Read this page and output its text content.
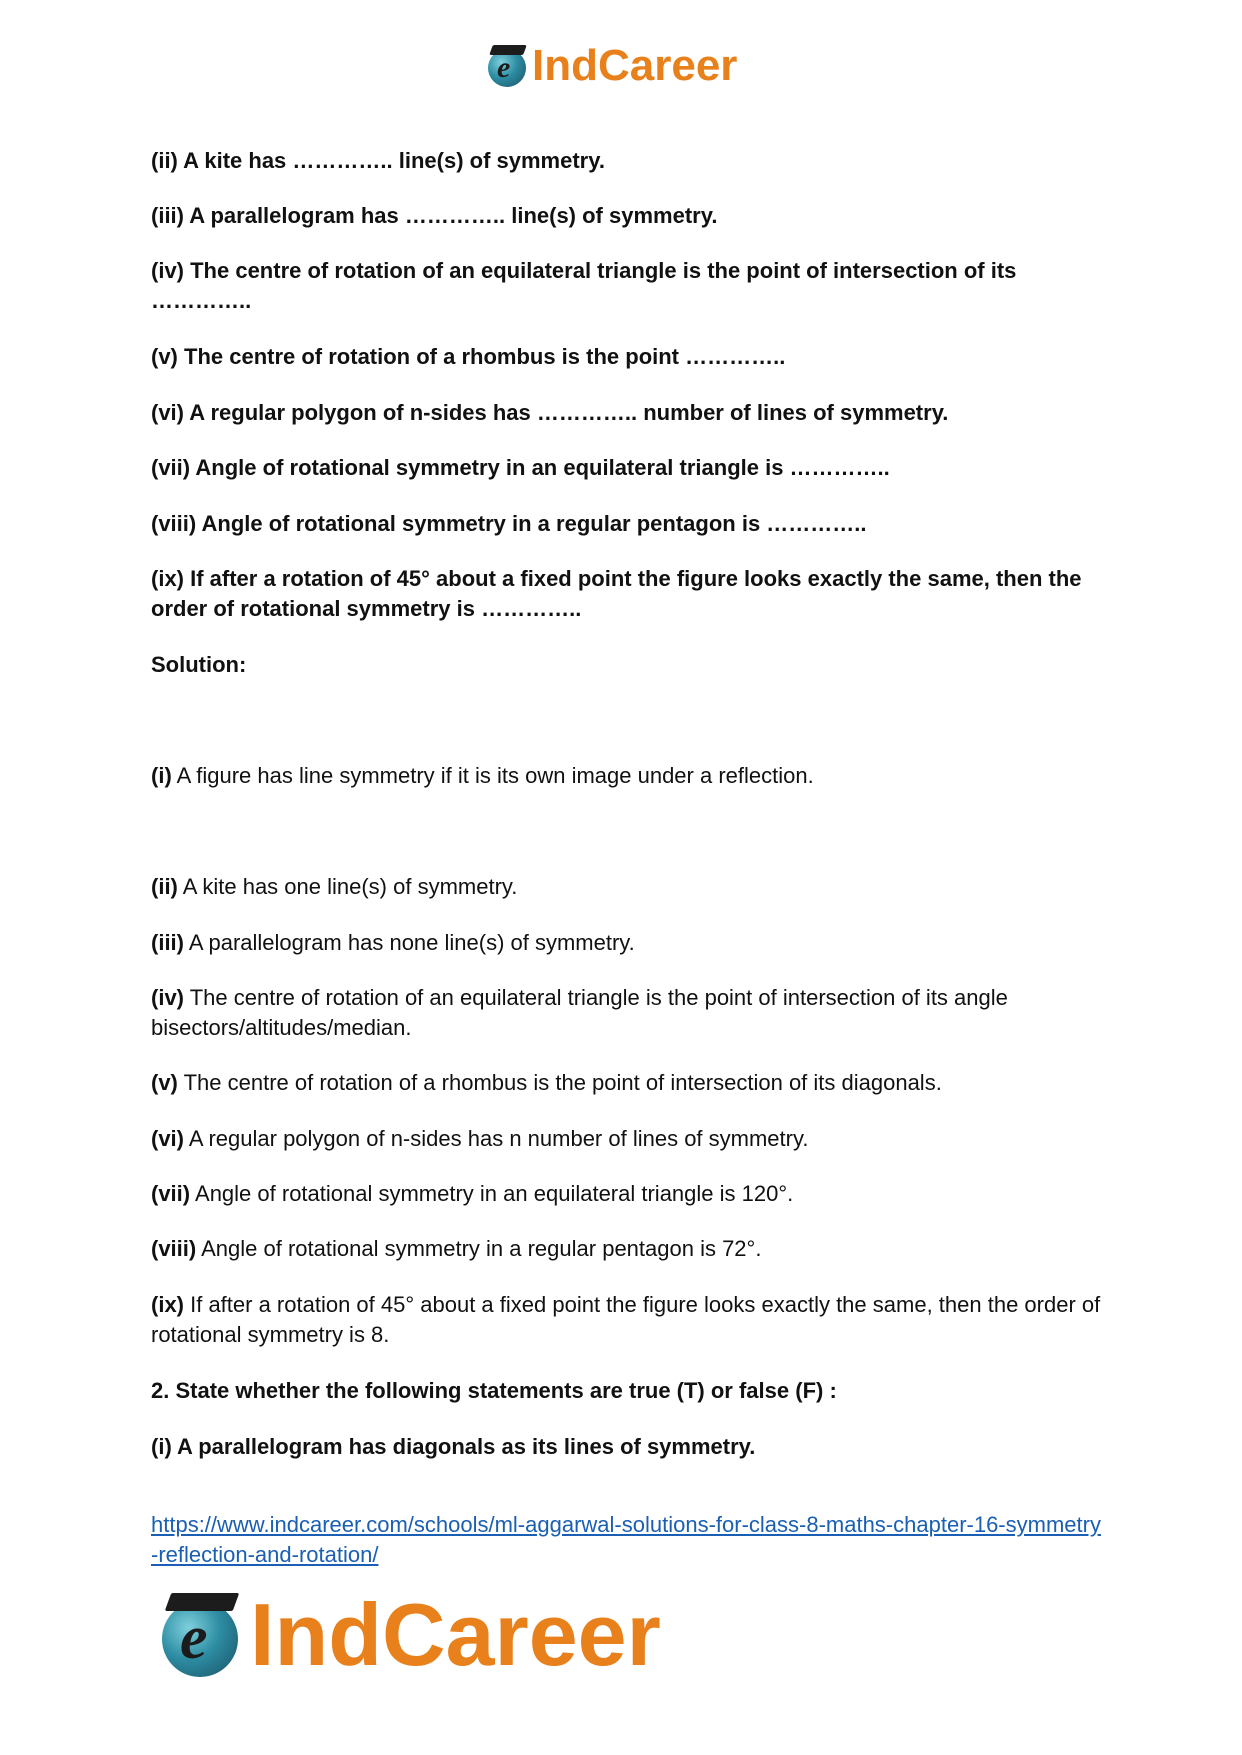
e IndCareer

(ii) A kite has ………….. line(s) of symmetry.

(iii) A parallelogram has ………….. line(s) of symmetry.

(iv) The centre of rotation of an equilateral triangle is the point of intersection of its …………..

(v) The centre of rotation of a rhombus is the point …………..

(vi) A regular polygon of n-sides has ………….. number of lines of symmetry.

(vii) Angle of rotational symmetry in an equilateral triangle is …………..

(viii) Angle of rotational symmetry in a regular pentagon is …………..

(ix) If after a rotation of 45° about a fixed point the figure looks exactly the same, then the order of rotational symmetry is …………..

Solution:

(i) A figure has line symmetry if it is its own image under a reflection.

(ii) A kite has one line(s) of symmetry.

(iii) A parallelogram has none line(s) of symmetry.

(iv) The centre of rotation of an equilateral triangle is the point of intersection of its angle bisectors/altitudes/median.

(v) The centre of rotation of a rhombus is the point of intersection of its diagonals.

(vi) A regular polygon of n-sides has n number of lines of symmetry.

(vii) Angle of rotational symmetry in an equilateral triangle is 120°.

(viii) Angle of rotational symmetry in a regular pentagon is 72°.

(ix) If after a rotation of 45° about a fixed point the figure looks exactly the same, then the order of rotational symmetry is 8.

2. State whether the following statements are true (T) or false (F) :

(i) A parallelogram has diagonals as its lines of symmetry.

https://www.indcareer.com/schools/ml-aggarwal-solutions-for-class-8-maths-chapter-16-symmetry-reflection-and-rotation/
e IndCareer
